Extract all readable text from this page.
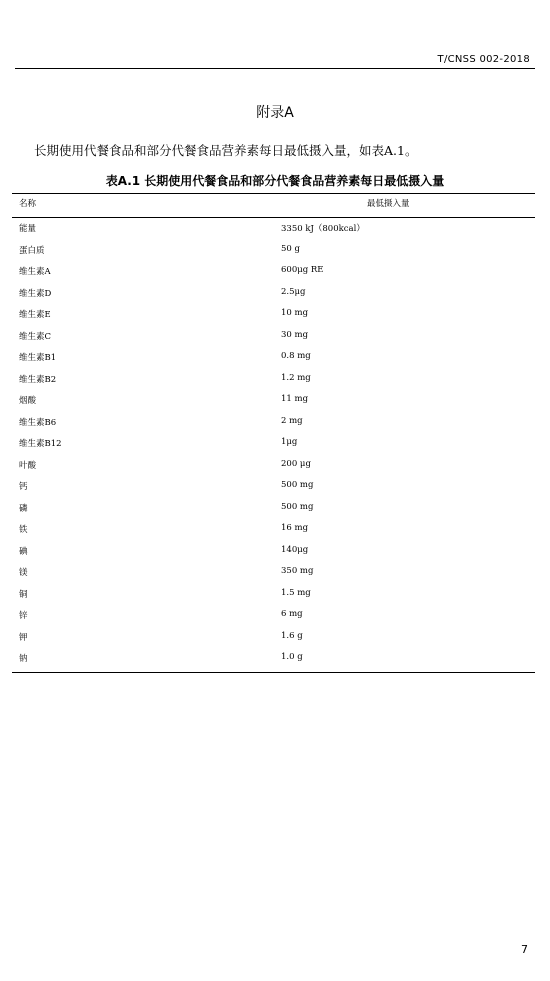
T/CNSS 002-2018
附录A
长期使用代餐食品和部分代餐食品营养素每日最低摄入量，如表A.1。
表A.1 长期使用代餐食品和部分代餐食品营养素每日最低摄入量
名称	最低摄入量
能量	3350 kJ（800kcal）
蛋白质	50 g
维生素A	600μg RE
维生素D	2.5μg
维生素E	10 mg
维生素C	30 mg
维生素B1	0.8 mg
维生素B2	1.2 mg
烟酸	11 mg
维生素B6	2 mg
维生素B12	1μg
叶酸	200 μg
钙	500 mg
磷	500 mg
铁	16 mg
碘	140μg
镁	350 mg
铜	1.5 mg
锌	6 mg
钾	1.6 g
钠	1.0 g
7
